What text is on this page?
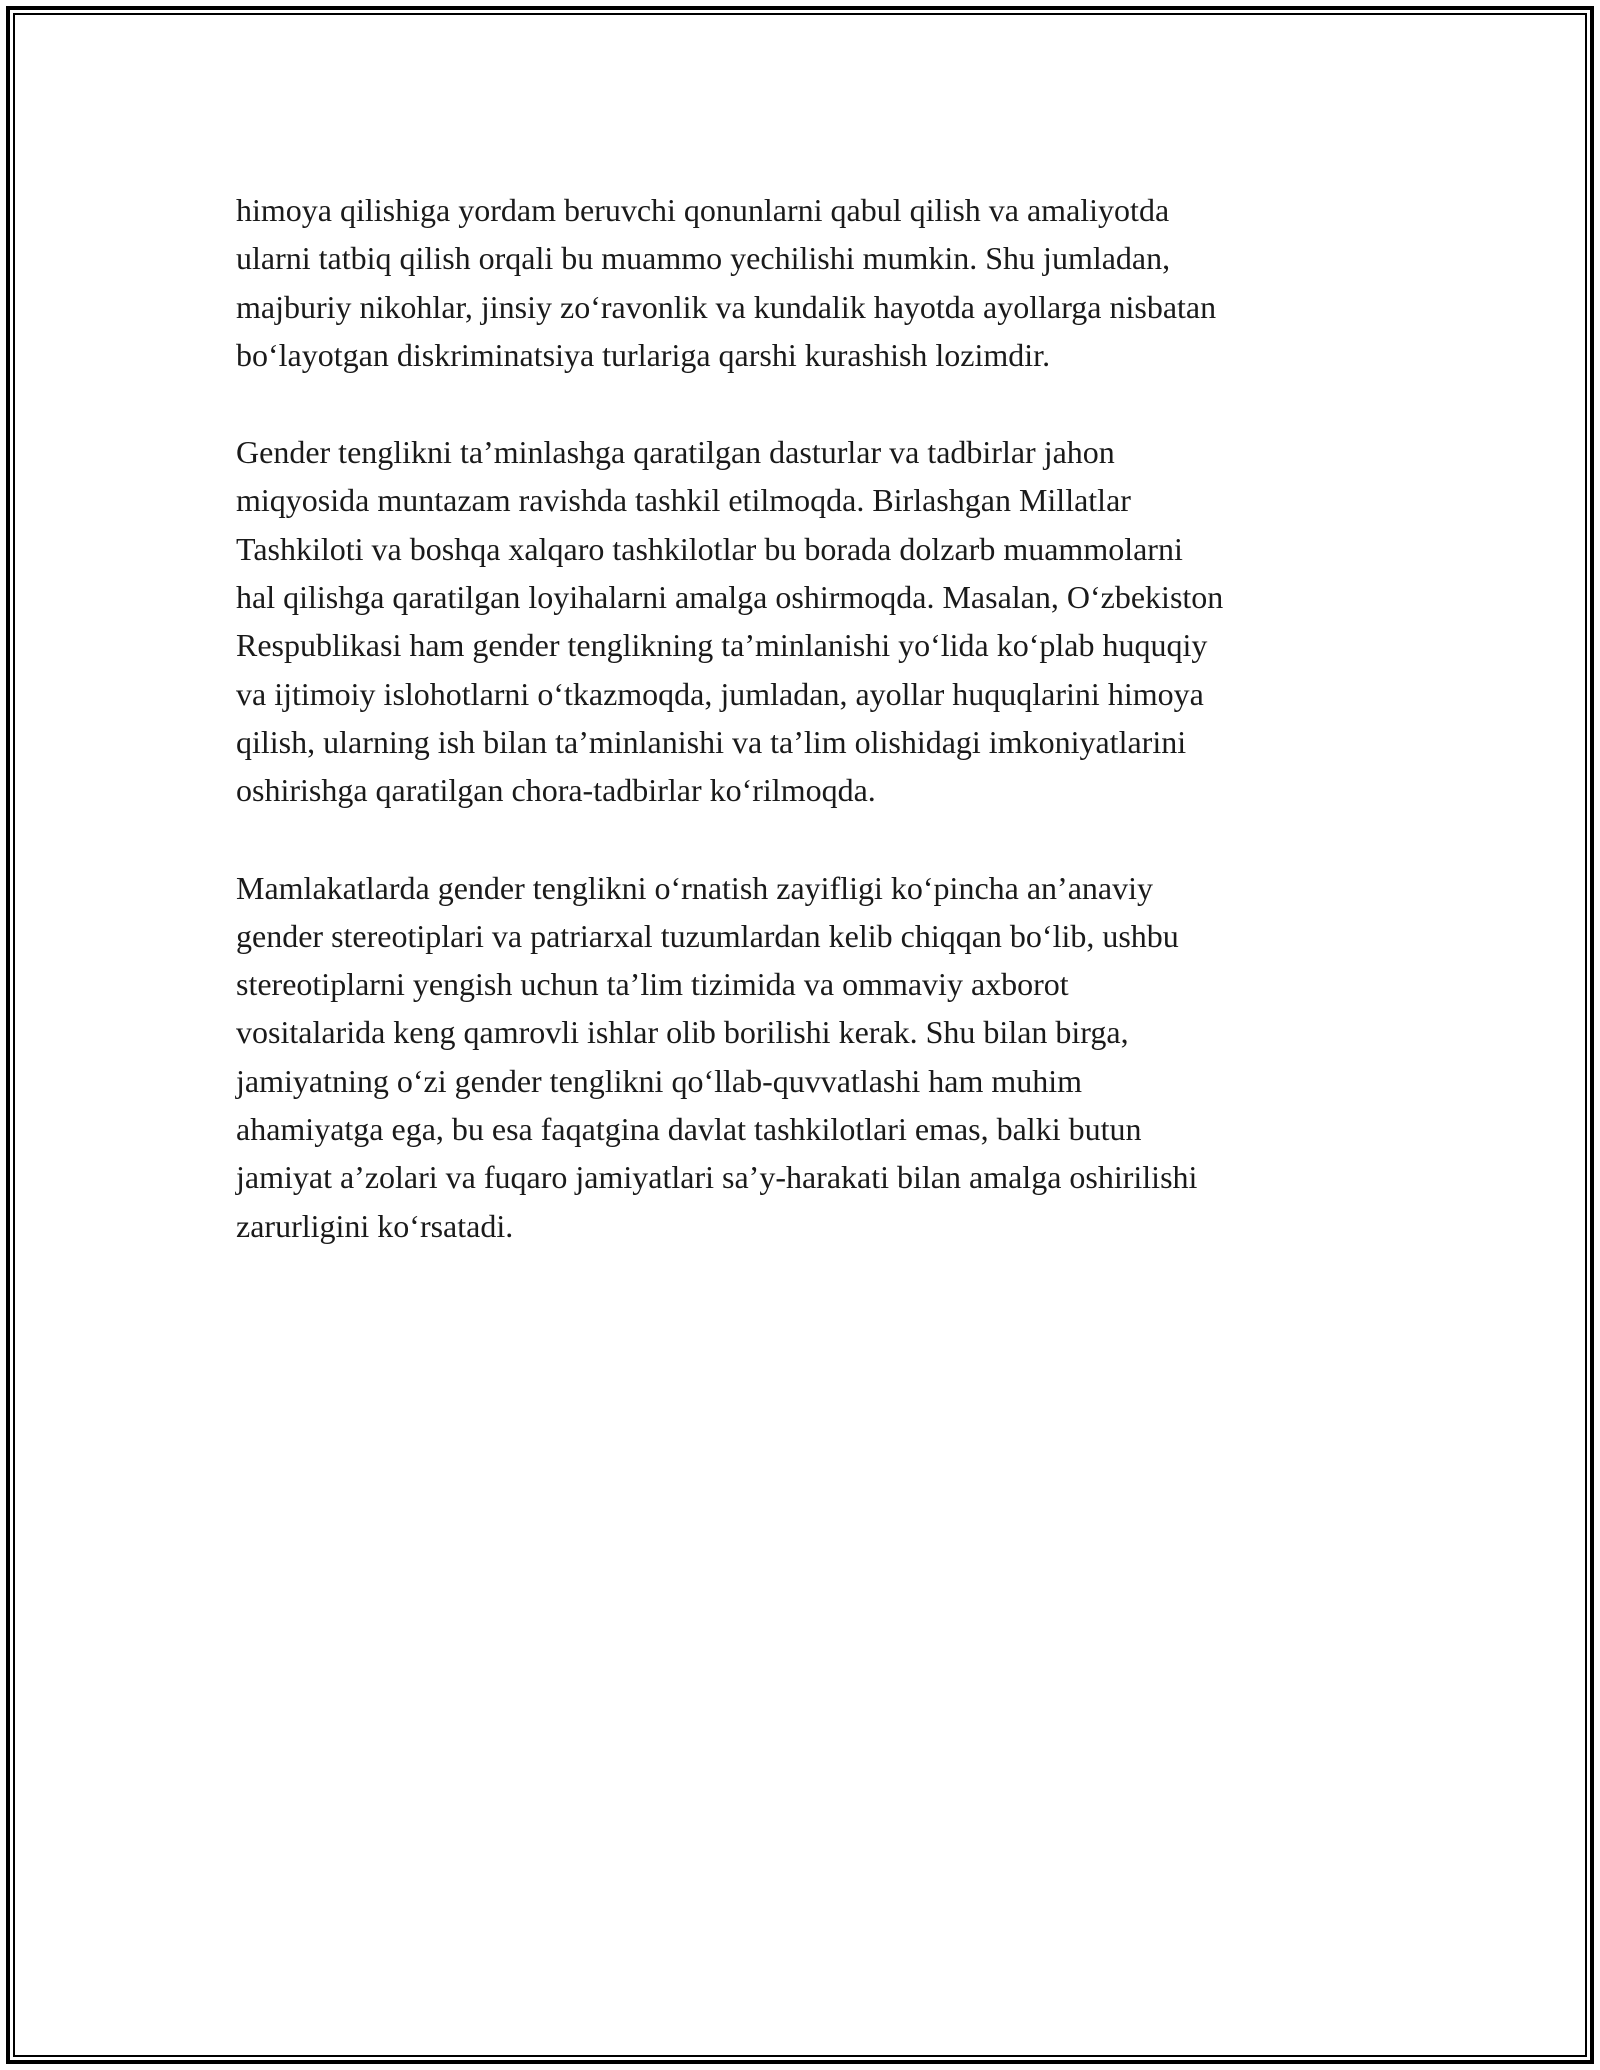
himoya qilishiga yordam beruvchi qonunlarni qabul qilish va amaliyotda
ularni tatbiq qilish orqali bu muammo yechilishi mumkin. Shu jumladan,
majburiy nikohlar, jinsiy zo‘ravonlik va kundalik hayotda ayollarga nisbatan
bo‘layotgan diskriminatsiya turlariga qarshi kurashish lozimdir.

Gender tenglikni ta’minlashga qaratilgan dasturlar va tadbirlar jahon
miqyosida muntazam ravishda tashkil etilmoqda. Birlashgan Millatlar
Tashkiloti va boshqa xalqaro tashkilotlar bu borada dolzarb muammolarni
hal qilishga qaratilgan loyihalarni amalga oshirmoqda. Masalan, O‘zbekiston
Respublikasi ham gender tenglikning ta’minlanishi yo‘lida ko‘plab huquqiy
va ijtimoiy islohotlarni o‘tkazmoqda, jumladan, ayollar huquqlarini himoya
qilish, ularning ish bilan ta’minlanishi va ta’lim olishidagi imkoniyatlarini
oshirishga qaratilgan chora-tadbirlar ko‘rilmoqda.

Mamlakatlarda gender tenglikni o‘rnatish zayifligi ko‘pincha an’anaviy
gender stereotiplari va patriarxal tuzumlardan kelib chiqqan bo‘lib, ushbu
stereotiplarni yengish uchun ta’lim tizimida va ommaviy axborot
vositalarida keng qamrovli ishlar olib borilishi kerak. Shu bilan birga,
jamiyatning o‘zi gender tenglikni qo‘llab-quvvatlashi ham muhim
ahamiyatga ega, bu esa faqatgina davlat tashkilotlari emas, balki butun
jamiyat a’zolari va fuqaro jamiyatlari sa’y-harakati bilan amalga oshirilishi
zarurligini ko‘rsatadi.
